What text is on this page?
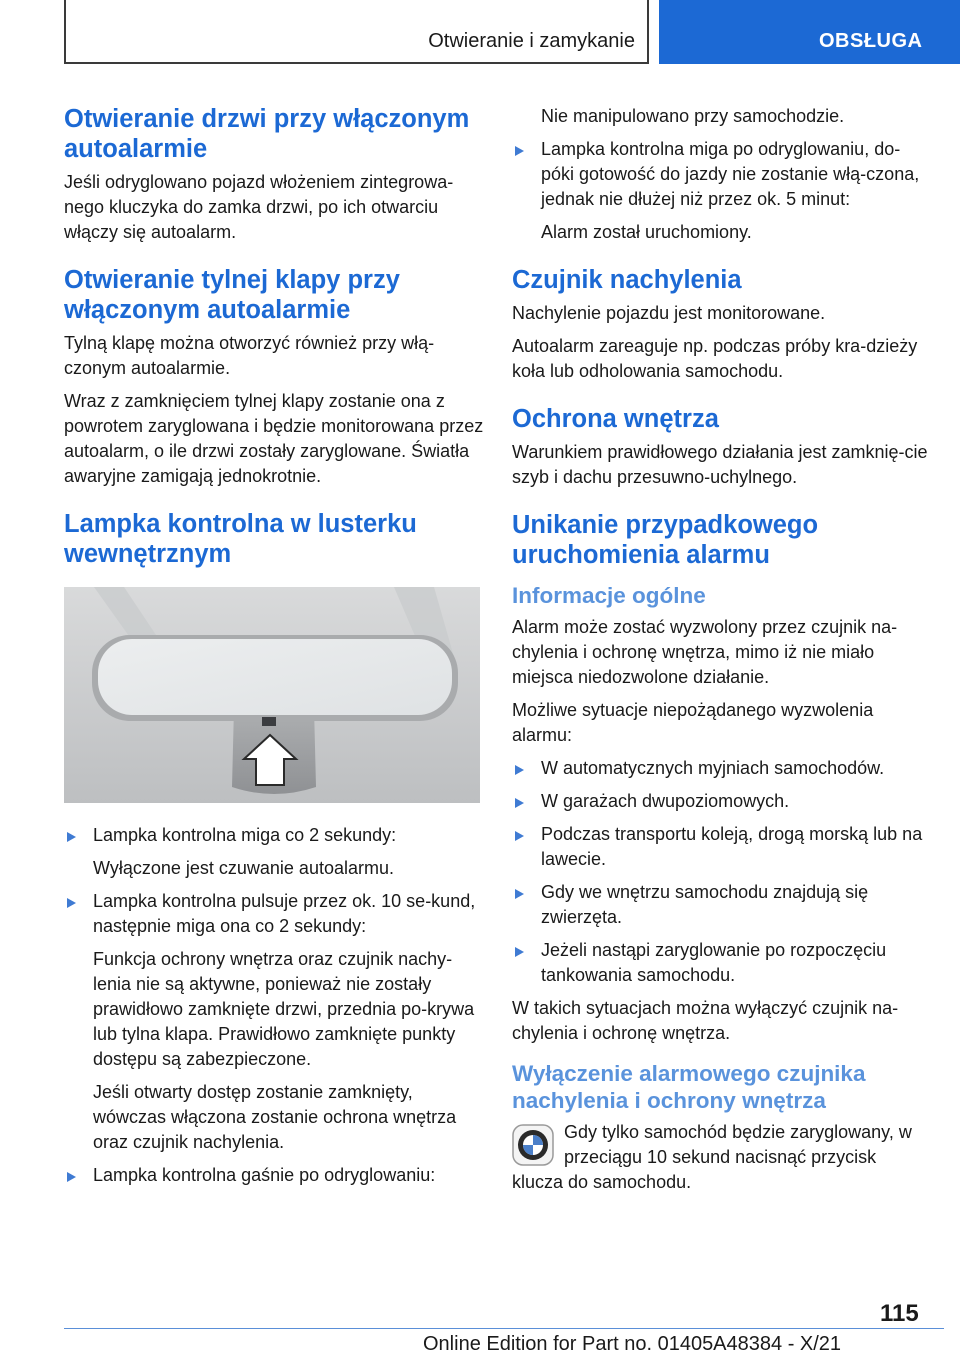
Otwieranie i zamykanie	OBSŁUGA
Otwieranie drzwi przy włączonym autoalarmie

Jeśli odryglowano pojazd włożeniem zintegrowa-nego kluczyka do zamka drzwi, po ich otwarciu włączy się autoalarm.

Otwieranie tylnej klapy przy włączonym autoalarmie

Tylną klapę można otworzyć również przy włą-czonym autoalarmie.

Wraz z zamknięciem tylnej klapy zostanie ona z powrotem zaryglowana i będzie monitorowana przez autoalarm, o ile drzwi zostały zaryglowane. Światła awaryjne zamigają jednokrotnie.

Lampka kontrolna w lusterku wewnętrznym
Lampka kontrolna miga co 2 sekundy:
Wyłączone jest czuwanie autoalarmu.
Lampka kontrolna pulsuje przez ok. 10 se-kund, następnie miga ona co 2 sekundy:
Funkcja ochrony wnętrza oraz czujnik nachy-lenia nie są aktywne, ponieważ nie zostały prawidłowo zamknięte drzwi, przednia po-krywa lub tylna klapa. Prawidłowo zamknięte punkty dostępu są zabezpieczone.
Jeśli otwarty dostęp zostanie zamknięty, wówczas włączona zostanie ochrona wnętrza oraz czujnik nachylenia.
Lampka kontrolna gaśnie po odryglowaniu:
Nie manipulowano przy samochodzie.
Lampka kontrolna miga po odryglowaniu, do-póki gotowość do jazdy nie zostanie włą-czona, jednak nie dłużej niż przez ok. 5 minut:
Alarm został uruchomiony.
Czujnik nachylenia

Nachylenie pojazdu jest monitorowane.

Autoalarm zareaguje np. podczas próby kra-dzieży koła lub odholowania samochodu.

Ochrona wnętrza

Warunkiem prawidłowego działania jest zamknię-cie szyb i dachu przesuwno-uchylnego.

Unikanie przypadkowego uruchomienia alarmu
Informacje ogólne

Alarm może zostać wyzwolony przez czujnik na-chylenia i ochronę wnętrza, mimo iż nie miało miejsca niedozwolone działanie.

Możliwe sytuacje niepożądanego wyzwolenia alarmu:

W automatycznych myjniach samochodów.
W garażach dwupoziomowych.
Podczas transportu koleją, drogą morską lub na lawecie.
Gdy we wnętrzu samochodu znajdują się zwierzęta.
Jeżeli nastąpi zaryglowanie po rozpoczęciu tankowania samochodu.

W takich sytuacjach można wyłączyć czujnik na-chylenia i ochronę wnętrza.

Wyłączenie alarmowego czujnika nachylenia i ochrony wnętrza
Gdy tylko samochód będzie zaryglowany, w przeciągu 10 sekund nacisnąć przycisk klucza do samochodu.
115
Online Edition for Part no. 01405A48384 - X/21
